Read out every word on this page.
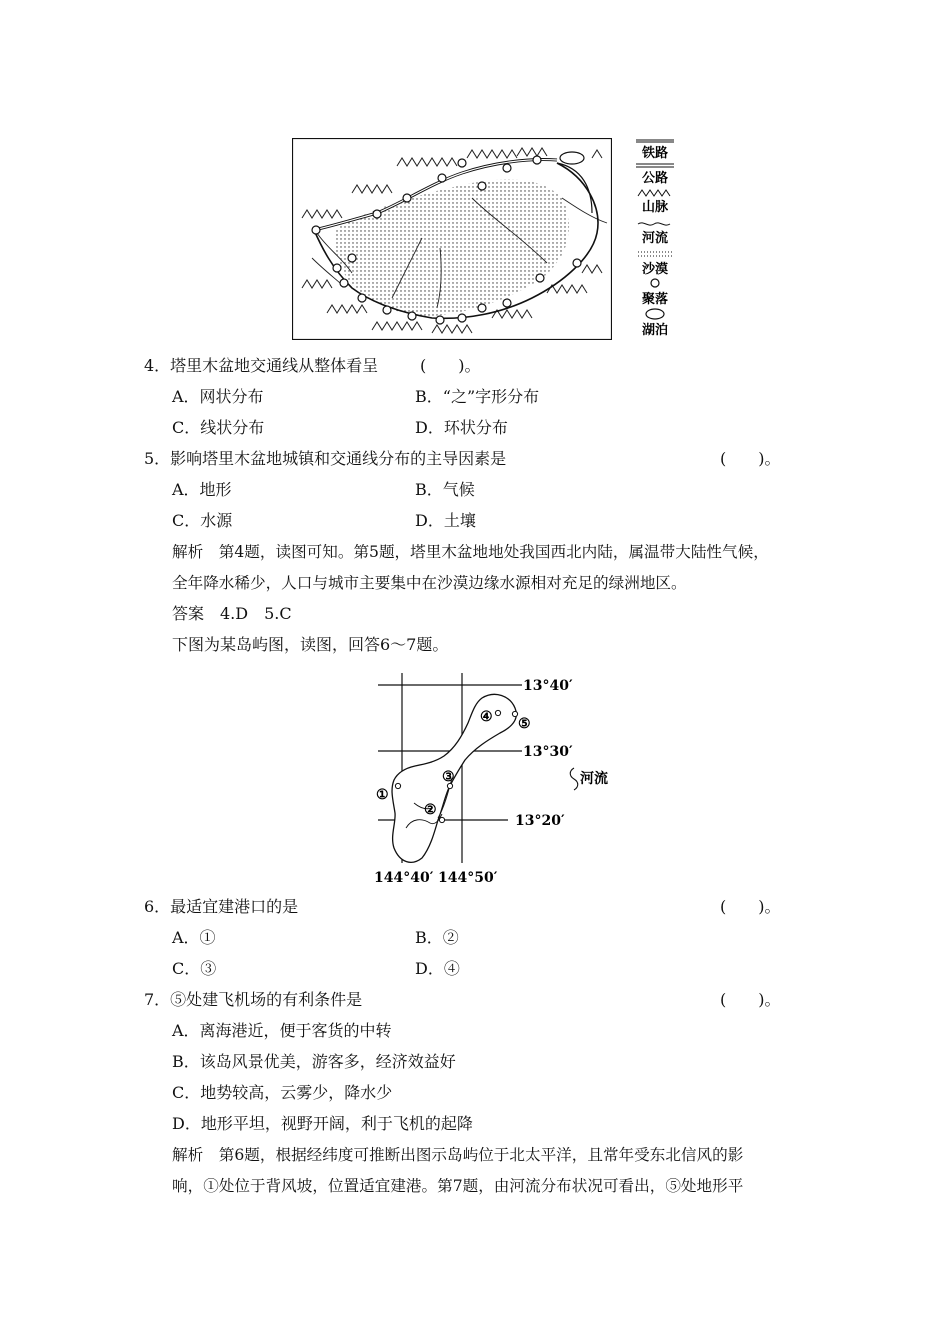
铁路
公路
山脉
河流
沙漠
聚落
湖泊
4．塔里木盆地交通线从整体看呈	(　　)。
A．网状分布	B．“之”字形分布
C．线状分布	D．环状分布
5．影响塔里木盆地城镇和交通线分布的主导因素是	(　　)。
A．地形	B．气候
C．水源	D．土壤
解析　第4题，读图可知。第5题，塔里木盆地地处我国西北内陆，属温带大陆性气候，
全年降水稀少，人口与城市主要集中在沙漠边缘水源相对充足的绿洲地区。
答案　4.D　5.C
下图为某岛屿图，读图，回答6～7题。
①
②
③
④ ⑤
13°40′
13°30′
13°20′
144°40′ 144°50′
河流
6．最适宜建港口的是	(　　)。
A．①	B．②
C．③	D．④
7．⑤处建飞机场的有利条件是	(　　)。
A．离海港近，便于客货的中转
B．该岛风景优美，游客多，经济效益好
C．地势较高，云雾少，降水少
D．地形平坦，视野开阔，利于飞机的起降
解析　第6题，根据经纬度可推断出图示岛屿位于北太平洋，且常年受东北信风的影
响，①处位于背风坡，位置适宜建港。第7题，由河流分布状况可看出，⑤处地形平
